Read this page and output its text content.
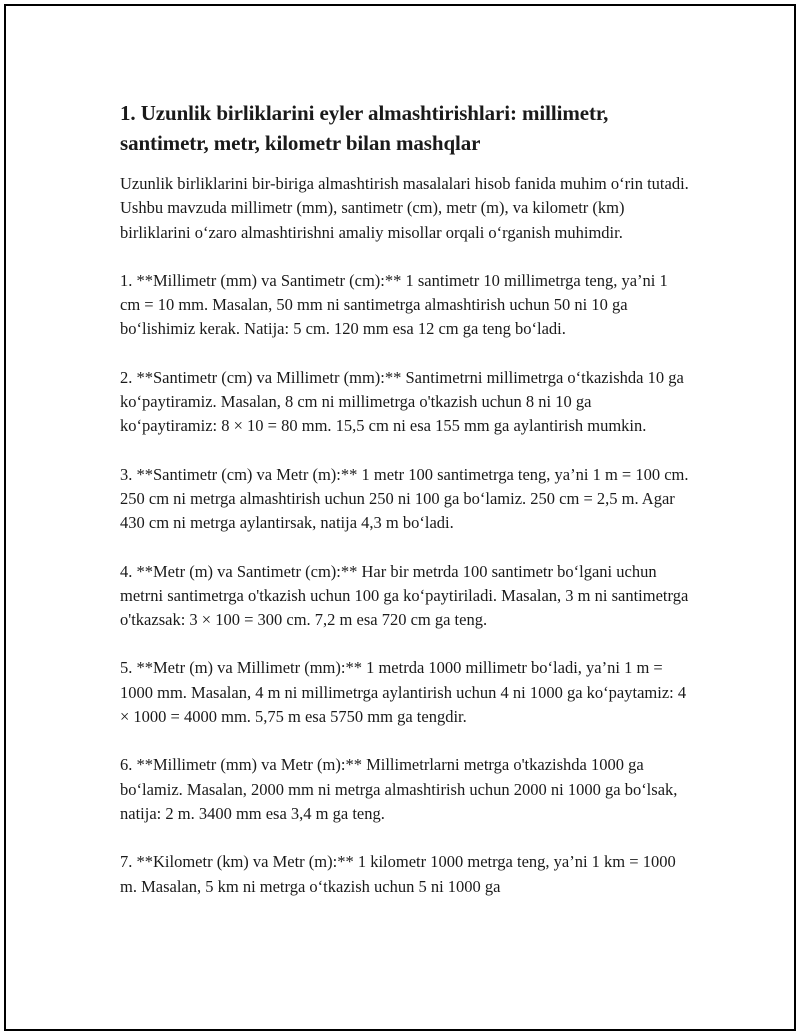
1. Uzunlik birliklarini eyler almashtirishlari: millimetr, santimetr, metr, kilometr bilan mashqlar

Uzunlik birliklarini bir-biriga almashtirish masalalari hisob fanida muhim oʻrin tutadi. Ushbu mavzuda millimetr (mm), santimetr (cm), metr (m), va kilometr (km) birliklarini oʻzaro almashtirishni amaliy misollar orqali oʻrganish muhimdir.

1. **Millimetr (mm) va Santimetr (cm):** 1 santimetr 10 millimetrga teng, ya’ni 1 cm = 10 mm. Masalan, 50 mm ni santimetrga almashtirish uchun 50 ni 10 ga boʻlishimiz kerak. Natija: 5 cm. 120 mm esa 12 cm ga teng boʻladi.

2. **Santimetr (cm) va Millimetr (mm):** Santimetrni millimetrga oʻtkazishda 10 ga koʻpaytiramiz. Masalan, 8 cm ni millimetrga o'tkazish uchun 8 ni 10 ga koʻpaytiramiz: 8 × 10 = 80 mm. 15,5 cm ni esa 155 mm ga aylantirish mumkin.

3. **Santimetr (cm) va Metr (m):** 1 metr 100 santimetrga teng, ya’ni 1 m = 100 cm. 250 cm ni metrga almashtirish uchun 250 ni 100 ga boʻlamiz. 250 cm = 2,5 m. Agar 430 cm ni metrga aylantirsak, natija 4,3 m boʻladi.

4. **Metr (m) va Santimetr (cm):** Har bir metrda 100 santimetr boʻlgani uchun metrni santimetrga o'tkazish uchun 100 ga koʻpaytiriladi. Masalan, 3 m ni santimetrga o'tkazsak: 3 × 100 = 300 cm. 7,2 m esa 720 cm ga teng.

5. **Metr (m) va Millimetr (mm):** 1 metrda 1000 millimetr boʻladi, ya’ni 1 m = 1000 mm. Masalan, 4 m ni millimetrga aylantirish uchun 4 ni 1000 ga koʻpaytamiz: 4 × 1000 = 4000 mm. 5,75 m esa 5750 mm ga tengdir.

6. **Millimetr (mm) va Metr (m):** Millimetrlarni metrga o'tkazishda 1000 ga boʻlamiz. Masalan, 2000 mm ni metrga almashtirish uchun 2000 ni 1000 ga boʻlsak, natija: 2 m. 3400 mm esa 3,4 m ga teng.

7. **Kilometr (km) va Metr (m):** 1 kilometr 1000 metrga teng, ya’ni 1 km = 1000 m. Masalan, 5 km ni metrga oʻtkazish uchun 5 ni 1000 ga
